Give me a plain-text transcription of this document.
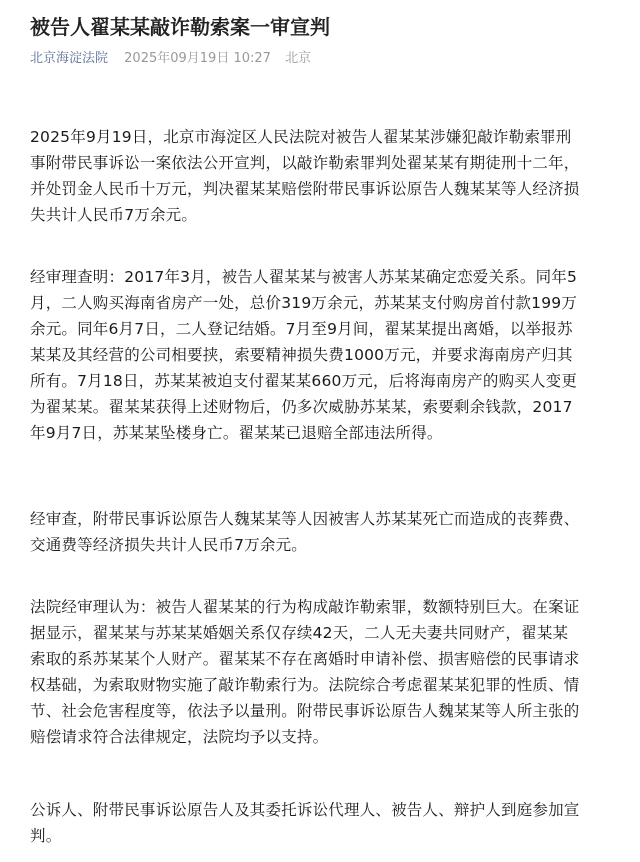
被告人翟某某敲诈勒索案一审宣判
北京海淀法院 2025年09月19日 10:27 北京

2025年9月19日，北京市海淀区人民法院对被告人翟某某涉嫌犯敲诈勒索罪刑
事附带民事诉讼一案依法公开宣判，以敲诈勒索罪判处翟某某有期徒刑十二年，
并处罚金人民币十万元，判决翟某某赔偿附带民事诉讼原告人魏某某等人经济损
失共计人民币7万余元。

经审理查明：2017年3月，被告人翟某某与被害人苏某某确定恋爱关系。同年5
月，二人购买海南省房产一处，总价319万余元，苏某某支付购房首付款199万
余元。同年6月7日，二人登记结婚。7月至9月间，翟某某提出离婚，以举报苏
某某及其经营的公司相要挟，索要精神损失费1000万元，并要求海南房产归其
所有。7月18日，苏某某被迫支付翟某某660万元，后将海南房产的购买人变更
为翟某某。翟某某获得上述财物后，仍多次威胁苏某某，索要剩余钱款，2017
年9月7日，苏某某坠楼身亡。翟某某已退赔全部违法所得。

经审查，附带民事诉讼原告人魏某某等人因被害人苏某某死亡而造成的丧葬费、
交通费等经济损失共计人民币7万余元。

法院经审理认为：被告人翟某某的行为构成敲诈勒索罪，数额特别巨大。在案证
据显示，翟某某与苏某某婚姻关系仅存续42天，二人无夫妻共同财产，翟某某
索取的系苏某某个人财产。翟某某不存在离婚时申请补偿、损害赔偿的民事请求
权基础，为索取财物实施了敲诈勒索行为。法院综合考虑翟某某犯罪的性质、情
节、社会危害程度等，依法予以量刑。附带民事诉讼原告人魏某某等人所主张的
赔偿请求符合法律规定，法院均予以支持。

公诉人、附带民事诉讼原告人及其委托诉讼代理人、被告人、辩护人到庭参加宣
判。
